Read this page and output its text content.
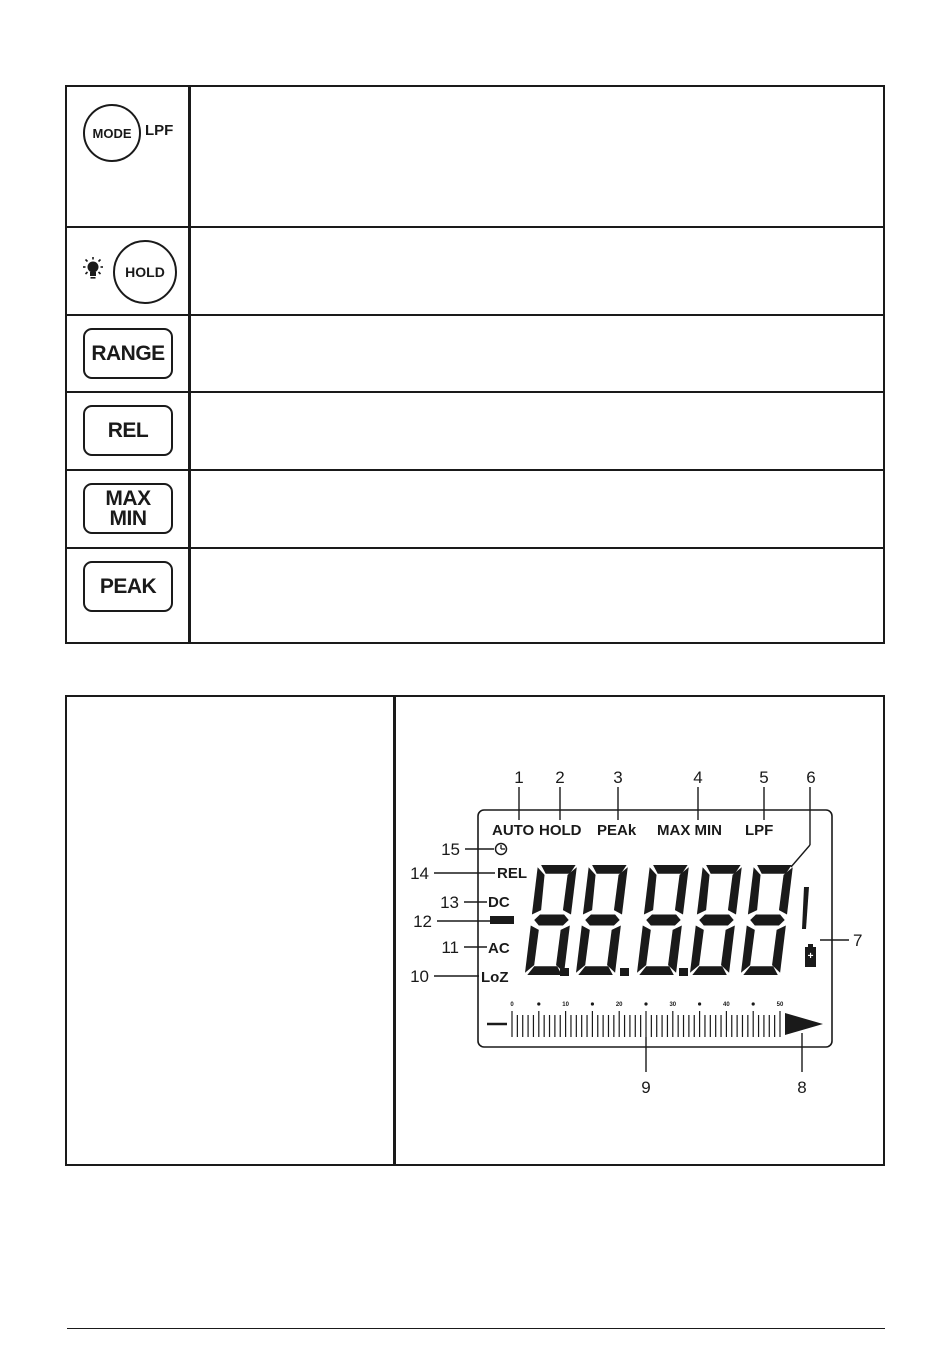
MODE LPF
HOLD
RANGE
REL
MAX
MIN
PEAK
AUTO HOLD PEAk MAX MIN LPF
REL
DC
AC
LoZ
+
0	10	20	30	40	50
1 2	3	4	5 6
7
8
9
10
11
12
13
14
15
